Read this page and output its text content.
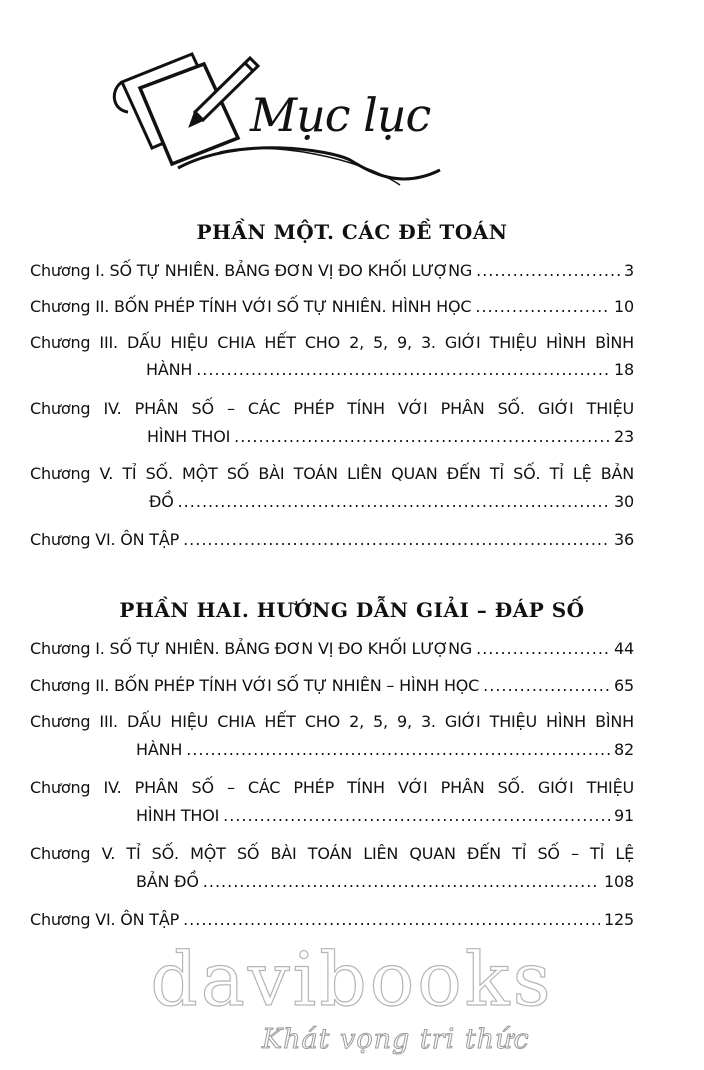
Mục lục
PHẦN MỘT. CÁC ĐỀ TOÁN
Chương I. SỐ TỰ NHIÊN. BẢNG ĐƠN VỊ ĐO KHỐI LƯỢNG .....	3
Chương II. BỐN PHÉP TÍNH VỚI SỐ TỰ NHIÊN. HÌNH HỌC .....	10
Chương III. DẤU HIỆU CHIA HẾT CHO 2, 5, 9, 3. GIỚI THIỆU HÌNH BÌNH
HÀNH .....	18
Chương IV. PHÂN SỐ – CÁC PHÉP TÍNH VỚI PHÂN SỐ. GIỚI THIỆU
HÌNH THOI .....	23
Chương V. TỈ SỐ. MỘT SỐ BÀI TOÁN LIÊN QUAN ĐẾN TỈ SỐ. TỈ LỆ BẢN
ĐỒ .....	30
Chương VI. ÔN TẬP .....	36
PHẦN HAI. HƯỚNG DẪN GIẢI – ĐÁP SỐ
Chương I. SỐ TỰ NHIÊN. BẢNG ĐƠN VỊ ĐO KHỐI LƯỢNG .....	44
Chương II. BỐN PHÉP TÍNH VỚI SỐ TỰ NHIÊN – HÌNH HỌC .....	65
Chương III. DẤU HIỆU CHIA HẾT CHO 2, 5, 9, 3. GIỚI THIỆU HÌNH BÌNH
HÀNH .....	82
Chương IV. PHÂN SỐ – CÁC PHÉP TÍNH VỚI PHÂN SỐ. GIỚI THIỆU
HÌNH THOI .....	91
Chương V. TỈ SỐ. MỘT SỐ BÀI TOÁN LIÊN QUAN ĐẾN TỈ SỐ – TỈ LỆ
BẢN ĐỒ .....	108
Chương VI. ÔN TẬP .....	125
davibooks
Khát vọng tri thức
